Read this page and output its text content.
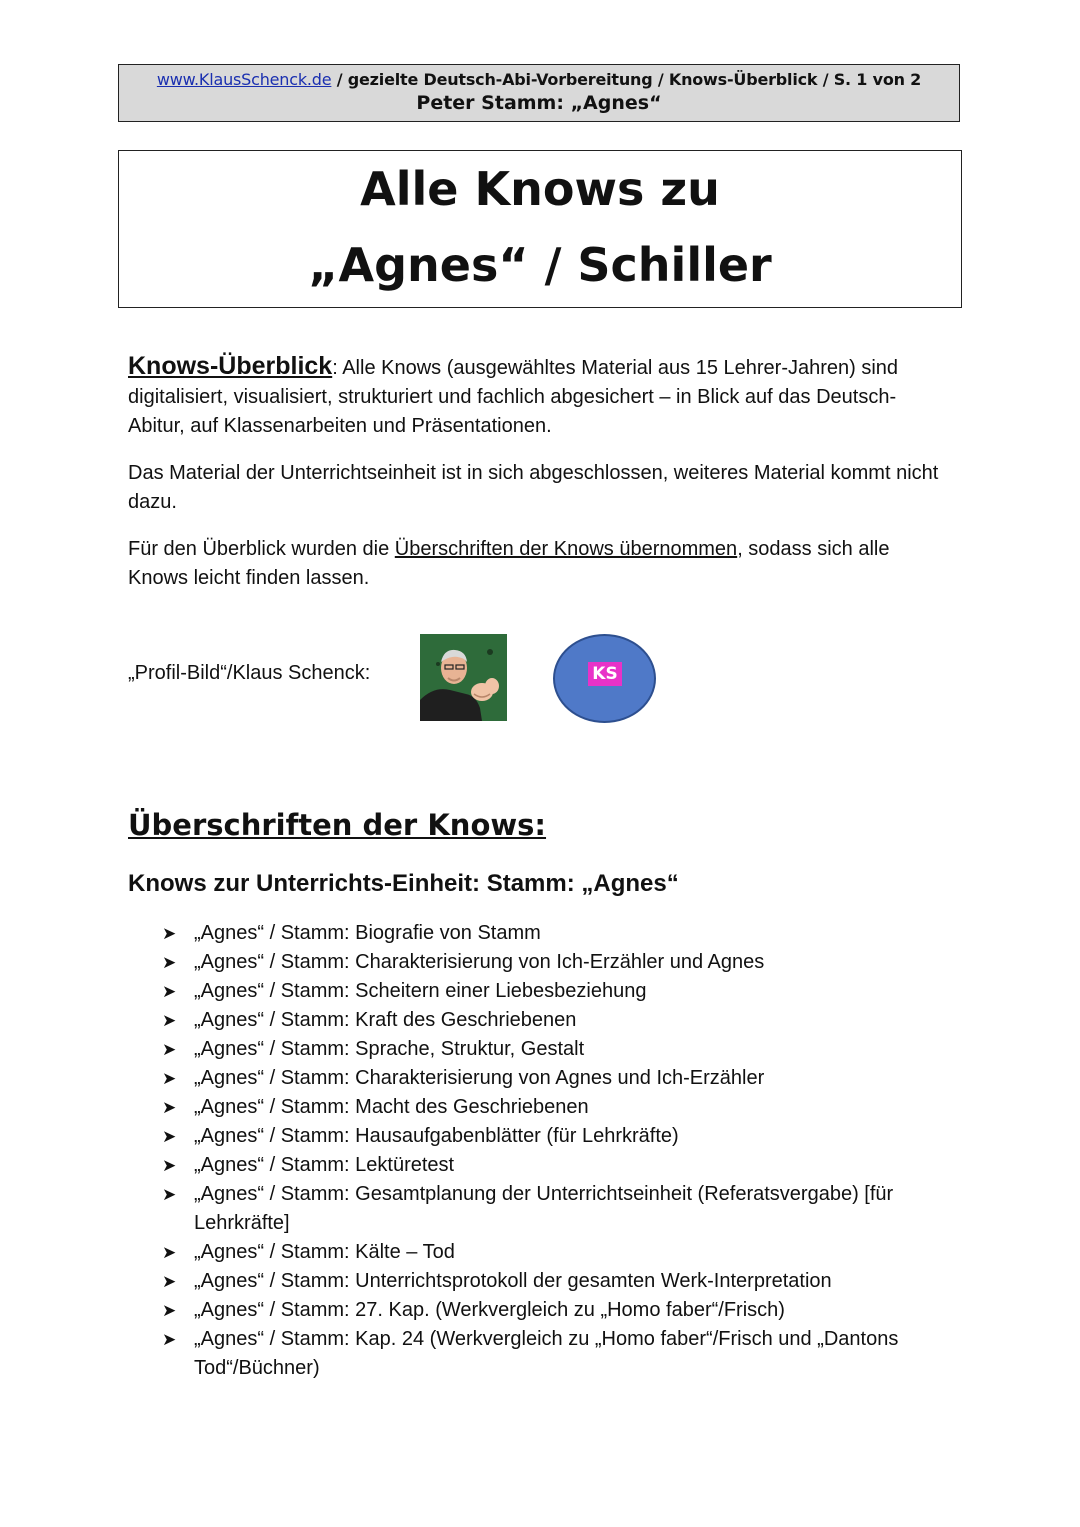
www.KlausSchenck.de / gezielte Deutsch-Abi-Vorbereitung / Knows-Überblick / S. 1 von 2
Peter Stamm: „Agnes“
Alle Knows zu
„Agnes“ / Schiller

Knows-Überblick: Alle Knows (ausgewähltes Material aus 15 Lehrer-Jahren) sind digitalisiert, visualisiert, strukturiert und fachlich abgesichert – in Blick auf das Deutsch-Abitur, auf Klassenarbeiten und Präsentationen.

Das Material der Unterrichtseinheit ist in sich abgeschlossen, weiteres Material kommt nicht dazu.

Für den Überblick wurden die Überschriften der Knows übernommen, sodass sich alle Knows leicht finden lassen.

„Profil-Bild“/Klaus Schenck:	KS
Überschriften der Knows:
Knows zur Unterrichts-Einheit: Stamm: „Agnes“
➤ „Agnes“ / Stamm: Biografie von Stamm
➤ „Agnes“ / Stamm: Charakterisierung von Ich-Erzähler und Agnes
➤ „Agnes“ / Stamm: Scheitern einer Liebesbeziehung
➤ „Agnes“ / Stamm: Kraft des Geschriebenen
➤ „Agnes“ / Stamm: Sprache, Struktur, Gestalt
➤ „Agnes“ / Stamm: Charakterisierung von Agnes und Ich-Erzähler
➤ „Agnes“ / Stamm: Macht des Geschriebenen
➤ „Agnes“ / Stamm: Hausaufgabenblätter (für Lehrkräfte)
➤ „Agnes“ / Stamm: Lektüretest
➤ „Agnes“ / Stamm: Gesamtplanung der Unterrichtseinheit (Referatsvergabe) [für Lehrkräfte]
➤ „Agnes“ / Stamm: Kälte – Tod
➤ „Agnes“ / Stamm: Unterrichtsprotokoll der gesamten Werk-Interpretation
➤ „Agnes“ / Stamm: 27. Kap. (Werkvergleich zu „Homo faber“/Frisch)
➤ „Agnes“ / Stamm: Kap. 24 (Werkvergleich zu „Homo faber“/Frisch und „Dantons Tod“/Büchner)
